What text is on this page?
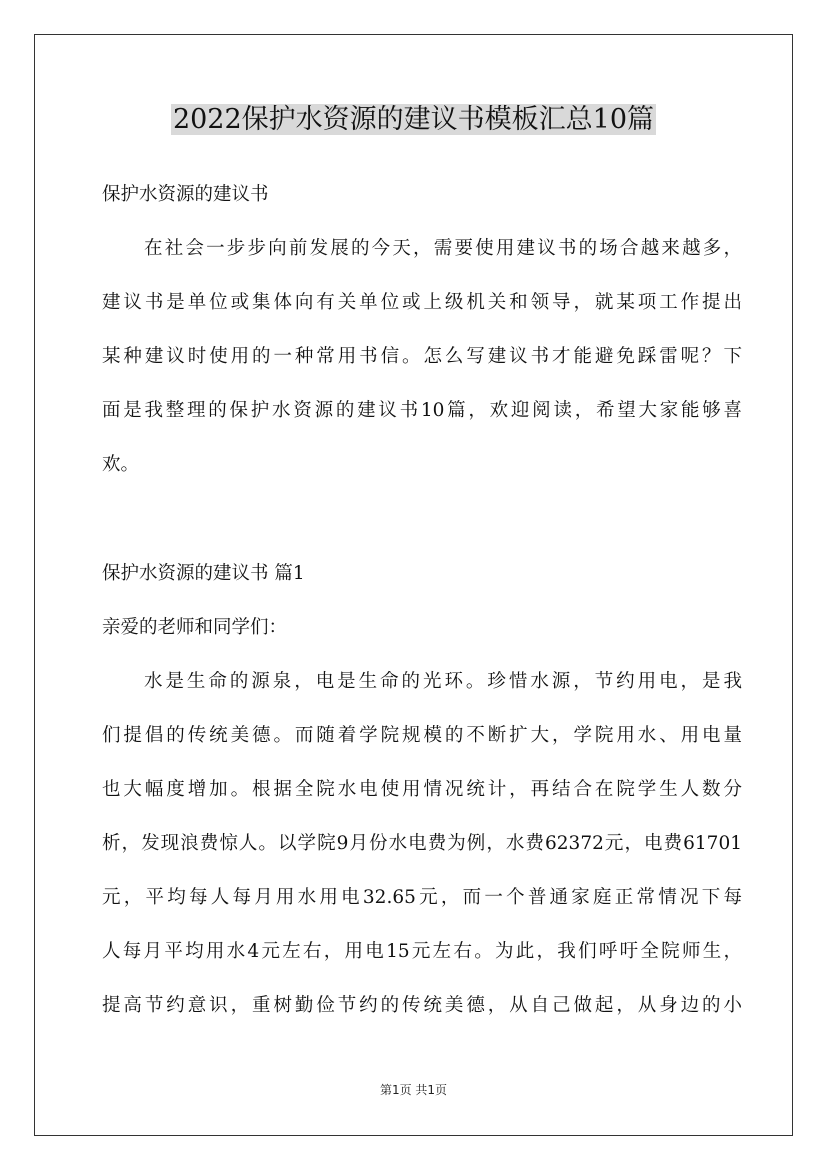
2022保护水资源的建议书模板汇总10篇
保护水资源的建议书
在社会一步步向前发展的今天，需要使用建议书的场合越来越多，
建议书是单位或集体向有关单位或上级机关和领导，就某项工作提出
某种建议时使用的一种常用书信。怎么写建议书才能避免踩雷呢？下
面是我整理的保护水资源的建议书10篇，欢迎阅读，希望大家能够喜
欢。
保护水资源的建议书 篇1
亲爱的老师和同学们：
水是生命的源泉，电是生命的光环。珍惜水源，节约用电，是我
们提倡的传统美德。而随着学院规模的不断扩大，学院用水、用电量
也大幅度增加。根据全院水电使用情况统计，再结合在院学生人数分
析，发现浪费惊人。以学院9月份水电费为例，水费62372元，电费61701
元，平均每人每月用水用电32.65元，而一个普通家庭正常情况下每
人每月平均用水4元左右，用电15元左右。为此，我们呼吁全院师生，
提高节约意识，重树勤俭节约的传统美德，从自己做起，从身边的小
第1页 共1页
